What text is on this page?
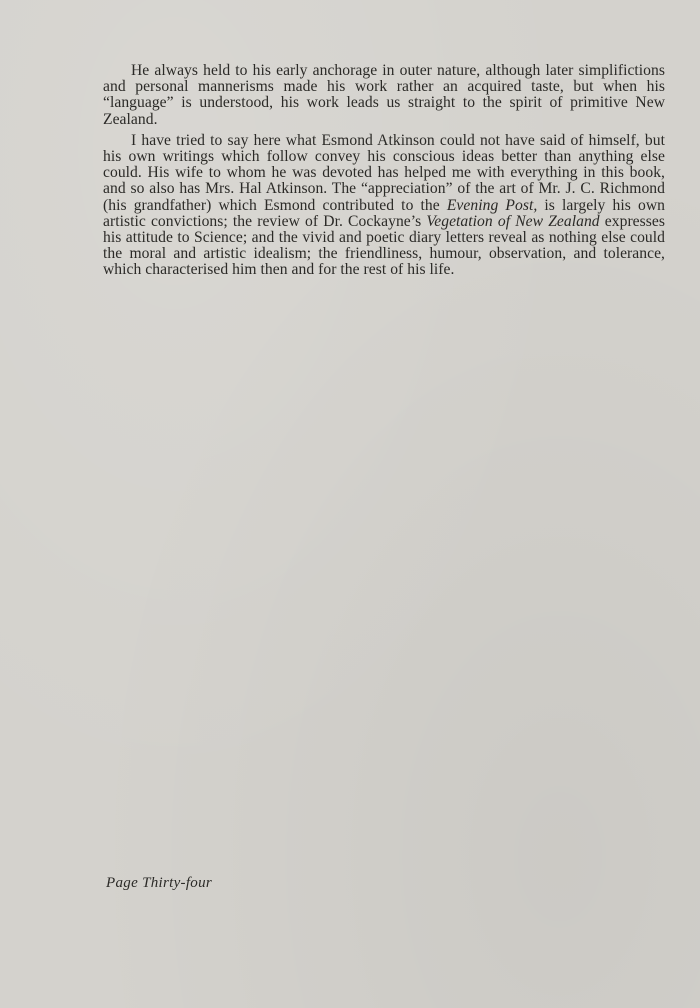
He always held to his early anchorage in outer nature, although later simplifictions and personal mannerisms made his work rather an acquired taste, but when his “language” is understood, his work leads us straight to the spirit of primitive New Zealand.

I have tried to say here what Esmond Atkinson could not have said of himself, but his own writings which follow convey his conscious ideas better than anything else could. His wife to whom he was devoted has helped me with everything in this book, and so also has Mrs. Hal Atkinson. The “appreciation” of the art of Mr. J. C. Richmond (his grandfather) which Esmond contributed to the Evening Post, is largely his own artistic convictions; the review of Dr. Cockayne’s Vegetation of New Zealand expresses his attitude to Science; and the vivid and poetic diary letters reveal as nothing else could the moral and artistic idealism; the friendliness, humour, observation, and tolerance, which characterised him then and for the rest of his life.

Page Thirty-four
